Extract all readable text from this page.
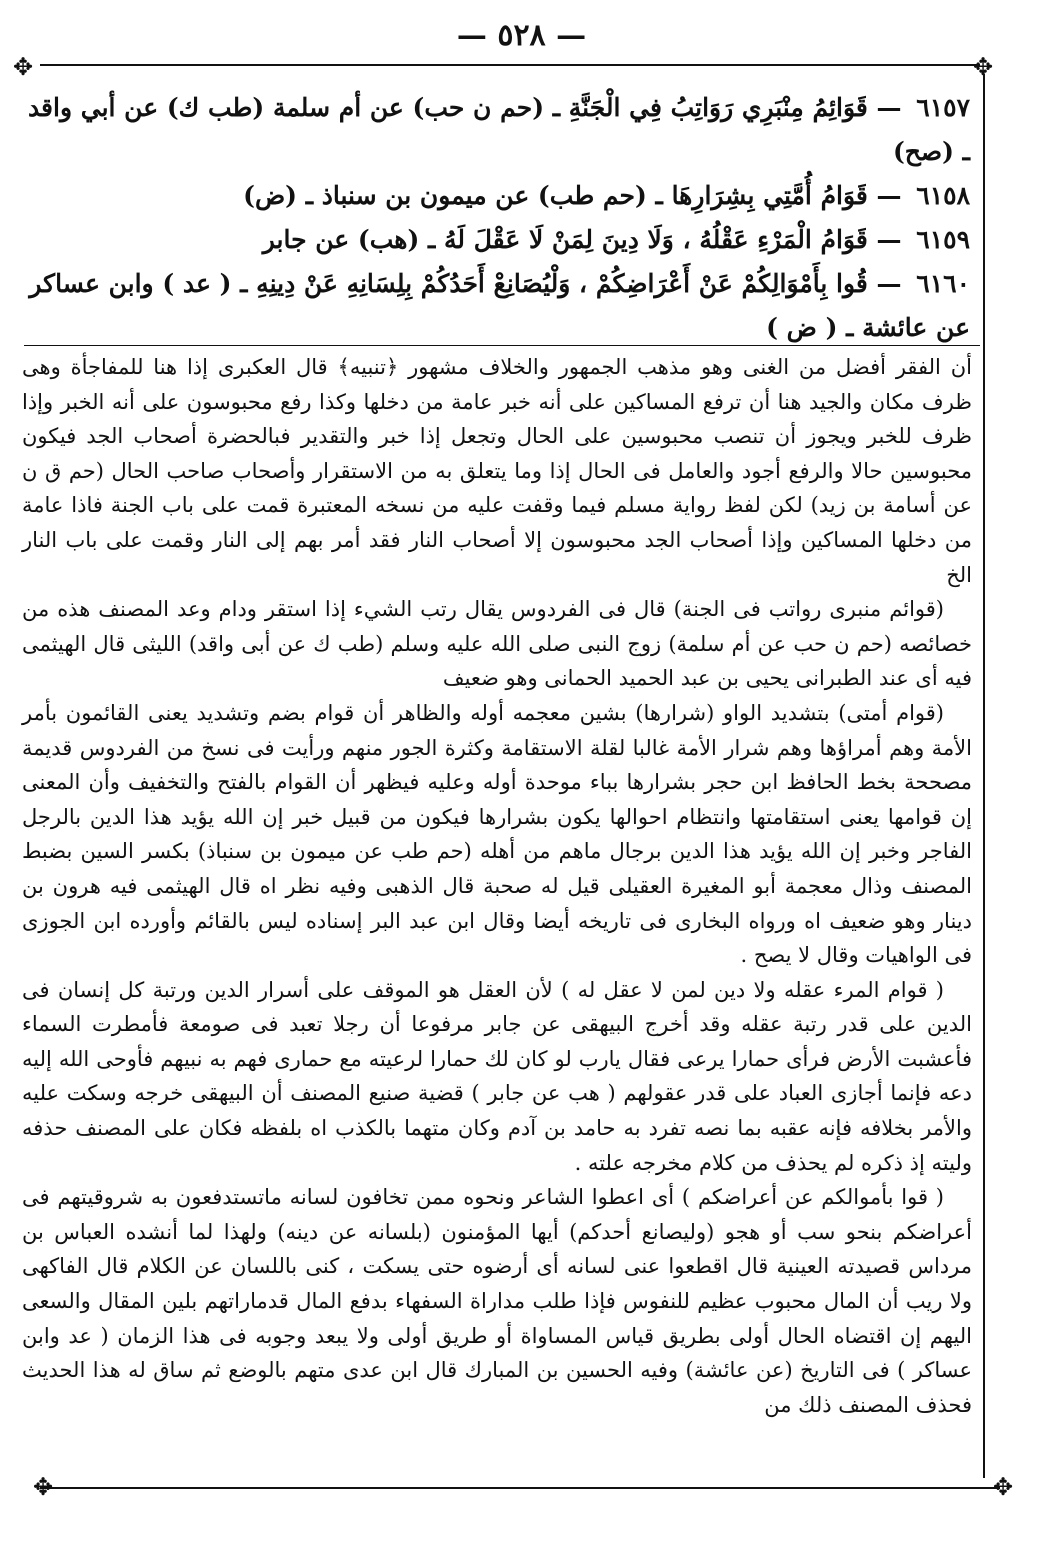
— ٥٢٨ —
✥	✥
✥	✥

٦١٥٧ — قَوَائِمُ مِنْبَرِي رَوَاتِبُ فِي الْجَنَّةِ ـ (حم ن حب) عن أم سلمة (طب ك) عن أبي واقد ـ (صح)

٦١٥٨ — قَوَامُ أُمَّتِي بِشِرَارِهَا ـ (حم طب) عن ميمون بن سنباذ ـ (ض)

٦١٥٩ — قَوَامُ الْمَرْءِ عَقْلُهُ ، وَلَا دِينَ لِمَنْ لَا عَقْلَ لَهُ ـ (هب) عن جابر

٦١٦٠ — قُوا بِأَمْوَالِكُمْ عَنْ أَعْرَاضِكُمْ ، وَلْيُصَانِعْ أَحَدُكُمْ بِلِسَانِهِ عَنْ دِينِهِ ـ ( عد ) وابن عساكر عن عائشة ـ ( ض )

أن الفقر أفضل من الغنى وهو مذهب الجمهور والخلاف مشهور ﴿تنبيه﴾ قال العكبرى إذا هنا للمفاجأة وهى ظرف مكان والجيد هنا أن ترفع المساكين على أنه خبر عامة من دخلها وكذا رفع محبوسون على أنه الخبر وإذا ظرف للخبر ويجوز أن تنصب محبوسين على الحال وتجعل إذا خبر والتقدير فبالحضرة أصحاب الجد فيكون محبوسين حالا والرفع أجود والعامل فى الحال إذا وما يتعلق به من الاستقرار وأصحاب صاحب الحال (حم ق ن عن أسامة بن زيد) لكن لفظ رواية مسلم فيما وقفت عليه من نسخه المعتبرة قمت على باب الجنة فاذا عامة من دخلها المساكين وإذا أصحاب الجد محبوسون إلا أصحاب النار فقد أمر بهم إلى النار وقمت على باب النار الخ

(قوائم منبرى رواتب فى الجنة) قال فى الفردوس يقال رتب الشيء إذا استقر ودام وعد المصنف هذه من خصائصه (حم ن حب عن أم سلمة) زوج النبى صلى الله عليه وسلم (طب ك عن أبى واقد) الليثى قال الهيثمى فيه أى عند الطبرانى يحيى بن عبد الحميد الحمانى وهو ضعيف

(قوام أمتى) بتشديد الواو (شرارها) بشين معجمه أوله والظاهر أن قوام بضم وتشديد يعنى القائمون بأمر الأمة وهم أمراؤها وهم شرار الأمة غالبا لقلة الاستقامة وكثرة الجور منهم ورأيت فى نسخ من الفردوس قديمة مصححة بخط الحافظ ابن حجر بشرارها بباء موحدة أوله وعليه فيظهر أن القوام بالفتح والتخفيف وأن المعنى إن قوامها يعنى استقامتها وانتظام احوالها يكون بشرارها فيكون من قبيل خبر إن الله يؤيد هذا الدين بالرجل الفاجر وخبر إن الله يؤيد هذا الدين برجال ماهم من أهله (حم طب عن ميمون بن سنباذ) بكسر السين بضبط المصنف وذال معجمة أبو المغيرة العقيلى قيل له صحبة قال الذهبى وفيه نظر اه قال الهيثمى فيه هرون بن دينار وهو ضعيف اه ورواه البخارى فى تاريخه أيضا وقال ابن عبد البر إسناده ليس بالقائم وأورده ابن الجوزى فى الواهيات وقال لا يصح .

( قوام المرء عقله ولا دين لمن لا عقل له ) لأن العقل هو الموقف على أسرار الدين ورتبة كل إنسان فى الدين على قدر رتبة عقله وقد أخرج البيهقى عن جابر مرفوعا أن رجلا تعبد فى صومعة فأمطرت السماء فأعشبت الأرض فرأى حمارا يرعى فقال يارب لو كان لك حمارا لرعيته مع حمارى فهم به نبيهم فأوحى الله إليه دعه فإنما أجازى العباد على قدر عقولهم ( هب عن جابر ) قضية صنيع المصنف أن البيهقى خرجه وسكت عليه والأمر بخلافه فإنه عقبه بما نصه تفرد به حامد بن آدم وكان متهما بالكذب اه بلفظه فكان على المصنف حذفه وليته إذ ذكره لم يحذف من كلام مخرجه علته .

( قوا بأموالكم عن أعراضكم ) أى اعطوا الشاعر ونحوه ممن تخافون لسانه ماتستدفعون به شروقيتهم فى أعراضكم بنحو سب أو هجو (وليصانع أحدكم) أيها المؤمنون (بلسانه عن دينه) ولهذا لما أنشده العباس بن مرداس قصيدته العينية قال اقطعوا عنى لسانه أى أرضوه حتى يسكت ، كنى باللسان عن الكلام قال الفاكهى ولا ريب أن المال محبوب عظيم للنفوس فإذا طلب مداراة السفهاء بدفع المال قدماراتهم بلين المقال والسعى اليهم إن اقتضاه الحال أولى بطريق قياس المساواة أو طريق أولى ولا يبعد وجوبه فى هذا الزمان ( عد وابن عساكر ) فى التاريخ (عن عائشة) وفيه الحسين بن المبارك قال ابن عدى متهم بالوضع ثم ساق له هذا الحديث فحذف المصنف ذلك من
